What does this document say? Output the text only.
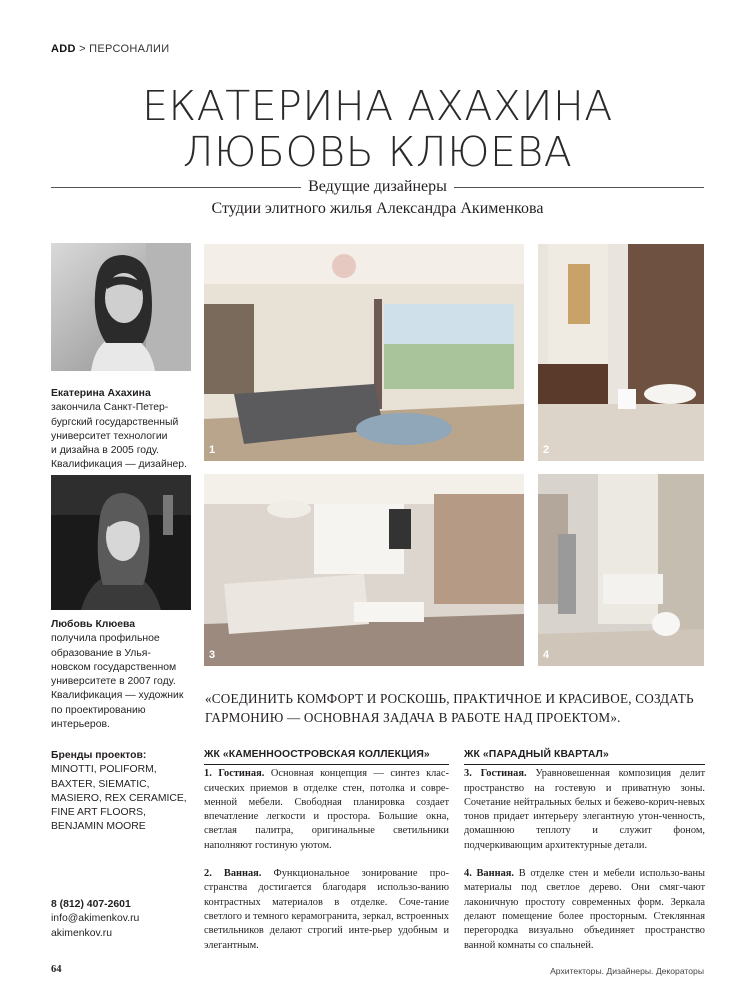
ADD > ПЕРСОНАЛИИ
ЕКАТЕРИНА АХАХИНА
ЛЮБОВЬ КЛЮЕВА
Ведущие дизайнеры
Студии элитного жилья Александра Акименкова
1	2
3	4
Екатерина Ахахина
закончила Санкт-Петер-
бургский государственный
университет технологии
и дизайна в 2005 году.
Квалификация — дизайнер.
Любовь Клюева
получила профильное
образование в Улья-
новском государственном
университете в 2007 году.
Квалификация — художник
по проектированию
интерьеров.
Бренды проектов:
MINOTTI, POLIFORM,
BAXTER, SIEMATIC,
MASIERO, REX CERAMICE,
FINE ART FLOORS,
BENJAMIN MOORE
8 (812) 407-2601
info@akimenkov.ru
akimenkov.ru
«СОЕДИНИТЬ КОМФОРТ И РОСКОШЬ, ПРАКТИЧНОЕ И КРАСИВОЕ, СОЗДАТЬ
ГАРМОНИЮ — ОСНОВНАЯ ЗАДАЧА В РАБОТЕ НАД ПРОЕКТОМ».
ЖК «КАМЕННООСТРОВСКАЯ КОЛЛЕКЦИЯ»

1. Гостиная. Основная концепция — синтез клас-сических приемов в отделке стен, потолка и совре-менной мебели. Свободная планировка создает впечатление легкости и простора. Большие окна, светлая палитра, оригинальные светильники наполняют гостиную уютом.

2. Ванная. Функциональное зонирование про-странства достигается благодаря использо-ванию контрастных материалов в отделке. Соче-тание светлого и темного керамогранита, зеркал, встроенных светильников делают строгий инте-рьер удобным и элегантным.

ЖК «ПАРАДНЫЙ КВАРТАЛ»

3. Гостиная. Уравновешенная композиция делит пространство на гостевую и приватную зоны. Сочетание нейтральных белых и бежево-корич-невых тонов придает интерьеру элегантную утон-ченность, домашнюю теплоту и служит фоном, подчеркивающим архитектурные детали.

4. Ванная. В отделке стен и мебели использо-ваны материалы под светлое дерево. Они смяг-чают лаконичную простоту современных форм. Зеркала делают помещение более просторным. Стеклянная перегородка визуально объединяет пространство ванной комнаты со спальней.

64	Архитекторы. Дизайнеры. Декораторы
